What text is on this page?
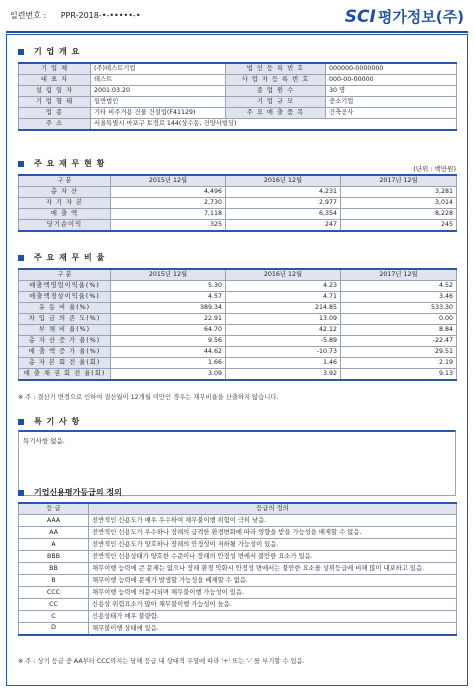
일련번호 : PPR-2018-•-•••••-•	SCI 평가정보(주)
기 업 개 요
기 업 체	(주)테스트기업	법 인 등 록 번 호	000000-0000000
대 표 자	테스트	사 업 자 등 록 번 호	000-00-00000
설 립 일 자	2001.03.20	종 업 원 수	30 명
기 업 형 태	일반법인	기 업 규 모	중소기업
업 종	기타 비주거용 건물 건설업(F41129)	주 요 매 출 품 목	건축공사
주 소	서울특별시 마포구 토정로 144(상수동, 건양사빌딩)		
주 요 재 무 현 황
(단위 : 백만원)
구 분	2015년 12월	2016년 12월	2017년 12월
총 자 산	4,496	4,231	3,281
자 기 자 본	2,730	2,977	3,014
매 출 액	7,118	6,354	8,228
당기순이익	325	247	245
주 요 재 무 비 율
구 분	2015년 12월	2016년 12월	2017년 12월
매출액영업이익율(%)	5.30	4.23	4.52
매출액경상이익율(%)	4.57	4.71	3.46
유 동 비 율(%)	389.34	214.85	533.30
차 입 금 의 존 도(%)	22.91	13.09	0.00
부 채 비 율(%)	64.70	42.12	8.84
총 자 산 증 가 율(%)	9.56	-5.89	-22.47
매 출 액 증 가 율(%)	44.62	-10.73	29.51
총 자 본 회 전 율(회)	1.66	1.46	2.19
매 출 채 권 회 전 율(회)	3.09	3.92	9.13
※ 주 : 결산기 변경으로 인하여 결산월이 12개월 미만인 경우는 재무비율을 산출하지 않습니다.
특 기 사 항
특기사항 없음.
기업신용평가등급의 정의
등 급	등급의 정의
AAA	전반적인 신용도가 매우 우수하여 채무불이행 위험이 극히 낮음.
AA	전반적인 신용도가 우수하나 장래의 급격한 환경변화에 따라 영향을 받을 가능성을 배제할 수 없음.
A	전반적인 신용도가 양호하나 장래의 안정성이 저하될 가능성이 있음.
BBB	전반적인 신용상태가 양호한 수준이나 장래의 안정성 면에서 불안한 요소가 있음.
BB	채무이행 능력에 큰 문제는 없으나 장래 환경 악화시 안정성 면에서는 불안한 요소를 상위등급에 비해 많이 내포하고 있음.
B	채무이행 능력에 문제가 발생할 가능성을 배제할 수 없음.
CCC	채무이행 능력에 의문시되며 채무불이행 가능성이 있음.
CC	신용상 위험요소가 많아 채무불이행 가능성이 높음.
C	신용상태가 매우 불량함.
D	채무불이행 상태에 있음.
※ 주 : 상기 등급 중 AA부터 CCC까지는 당해 등급 내 상대적 우열에 따라 '+' 또는 '-' 를 부기할 수 있음.
